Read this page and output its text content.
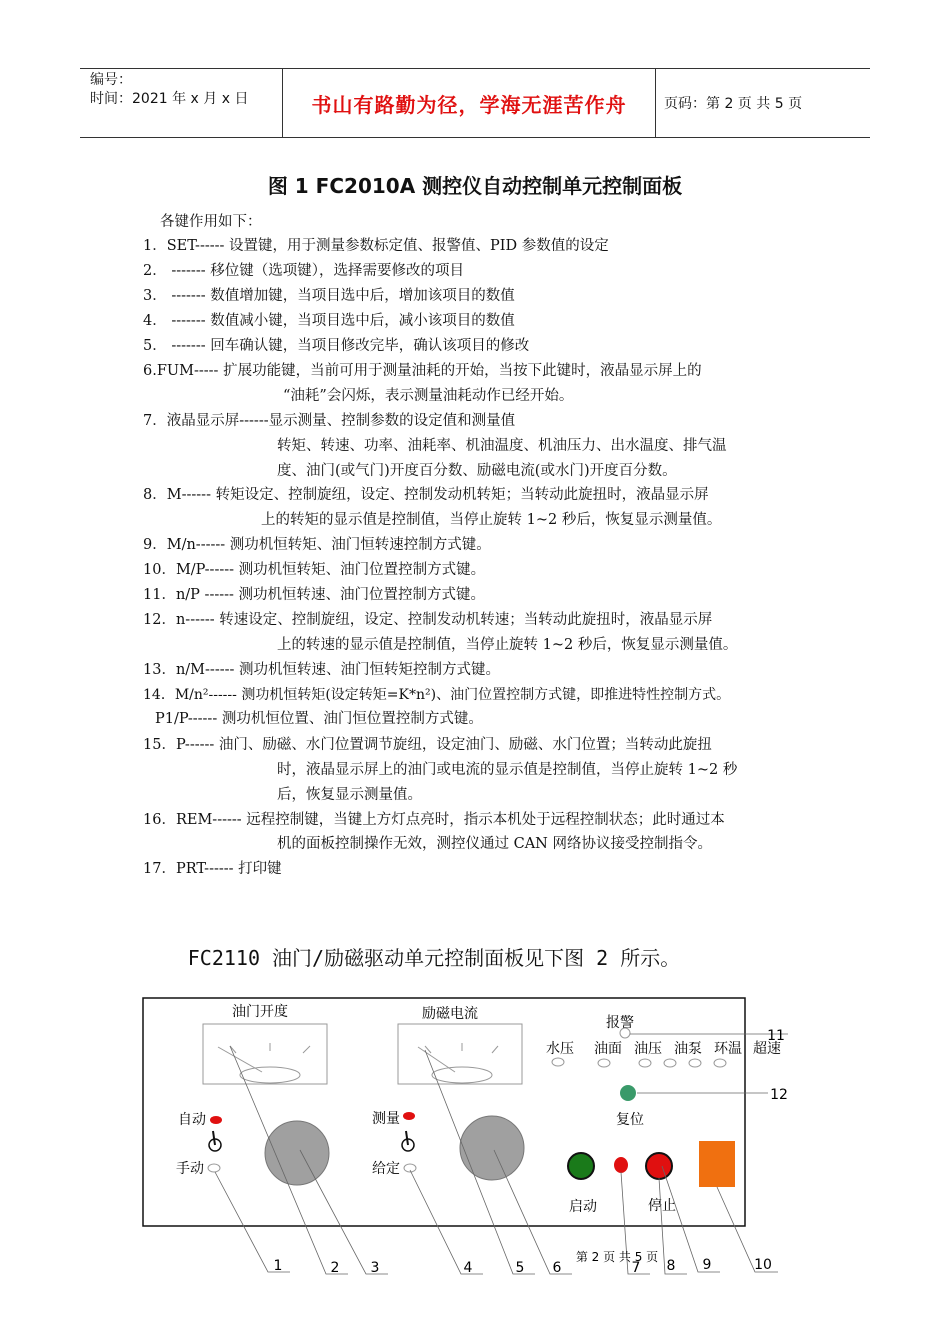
编号：
时间：2021 年 x 月 x 日	书山有路勤为径，学海无涯苦作舟	页码：第 2 页 共 5 页
图 1 FC2010A 测控仪自动控制单元控制面板
各键作用如下：
1．SET------ 设置键，用于测量参数标定值、报警值、PID 参数值的设定
2． ------- 移位键（选项键），选择需要修改的项目
3． ------- 数值增加键，当项目选中后，增加该项目的数值
4． ------- 数值减小键，当项目选中后，减小该项目的数值
5． ------- 回车确认键，当项目修改完毕，确认该项目的修改
6.FUM----- 扩展功能键，当前可用于测量油耗的开始，当按下此键时，液晶显示屏上的
“油耗”会闪烁，表示测量油耗动作已经开始。
7．液晶显示屏------显示测量、控制参数的设定值和测量值
转矩、转速、功率、油耗率、机油温度、机油压力、出水温度、排气温
度、油门(或气门)开度百分数、励磁电流(或水门)开度百分数。
8．M------ 转矩设定、控制旋纽，设定、控制发动机转矩；当转动此旋扭时，液晶显示屏
上的转矩的显示值是控制值，当停止旋转 1~2 秒后，恢复显示测量值。
9．M/n------ 测功机恒转矩、油门恒转速控制方式键。
10．M/P------ 测功机恒转矩、油门位置控制方式键。
11．n/P ------ 测功机恒转速、油门位置控制方式键。
12．n------ 转速设定、控制旋纽，设定、控制发动机转速；当转动此旋扭时，液晶显示屏
上的转速的显示值是控制值，当停止旋转 1~2 秒后，恢复显示测量值。
13．n/M------ 测功机恒转速、油门恒转矩控制方式键。
14．M/n²------ 测功机恒转矩(设定转矩=K*n²)、油门位置控制方式键，即推进特性控制方式。
P1/P------ 测功机恒位置、油门恒位置控制方式键。
15．P------ 油门、励磁、水门位置调节旋纽，设定油门、励磁、水门位置；当转动此旋扭
时，液晶显示屏上的油门或电流的显示值是控制值，当停止旋转 1~2 秒
后，恢复显示测量值。
16．REM------ 远程控制键，当键上方灯点亮时，指示本机处于远程控制状态；此时通过本
机的面板控制操作无效，测控仪通过 CAN 网络协议接受控制指令。
17．PRT------ 打印键
FC2110 油门/励磁驱动单元控制面板见下图 2 所示。
油门开度	励磁电流
报警
水压 油面 油压 油泵 环温 超速
复位
自动
手动
测量
给定
启动	停止
1	2 3	4	5 6	7 8 9	10
11
12
第 2 页 共 5 页
